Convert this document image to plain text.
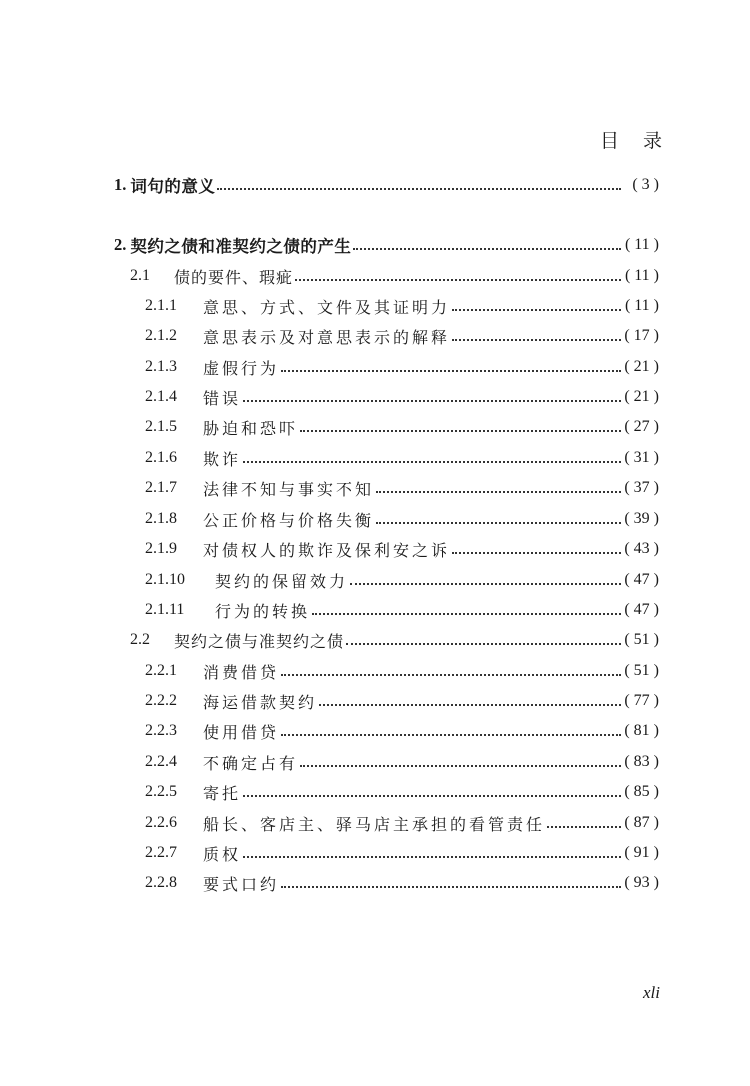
目录
1. 词句的意义	( 3 )
2. 契约之债和准契约之债的产生	( 11 )
2.1	债的要件、瑕疵	( 11 )
2.1.1	意思、方式、文件及其证明力	( 11 )
2.1.2	意思表示及对意思表示的解释	( 17 )
2.1.3	虚假行为	( 21 )
2.1.4	错误	( 21 )
2.1.5	胁迫和恐吓	( 27 )
2.1.6	欺诈	( 31 )
2.1.7	法律不知与事实不知	( 37 )
2.1.8	公正价格与价格失衡	( 39 )
2.1.9	对债权人的欺诈及保利安之诉	( 43 )
2.1.10	契约的保留效力	( 47 )
2.1.11	行为的转换	( 47 )
2.2	契约之债与准契约之债	( 51 )
2.2.1	消费借贷	( 51 )
2.2.2	海运借款契约	( 77 )
2.2.3	使用借贷	( 81 )
2.2.4	不确定占有	( 83 )
2.2.5	寄托	( 85 )
2.2.6	船长、客店主、驿马店主承担的看管责任	( 87 )
2.2.7	质权	( 91 )
2.2.8	要式口约	( 93 )
xli
